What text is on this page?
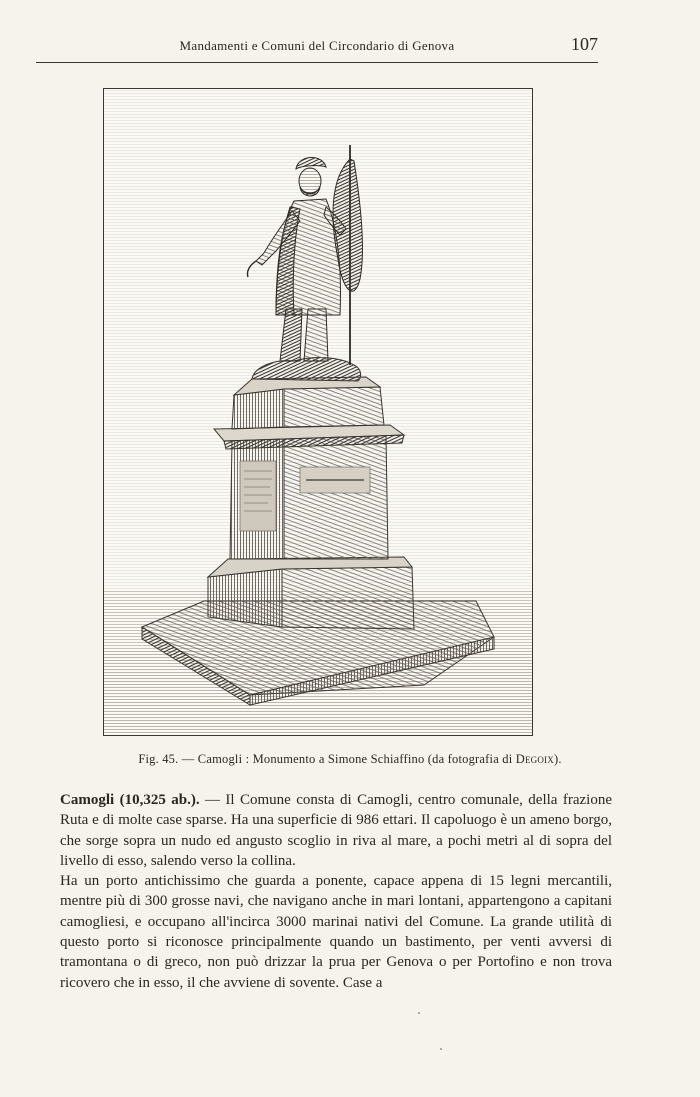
Mandamenti e Comuni del Circondario di Genova	107
Fig. 45. — Camogli : Monumento a Simone Schiaffino (da fotografia di Degoix).

Camogli (10,325 ab.). — Il Comune consta di Camogli, centro comunale, della frazione Ruta e di molte case sparse. Ha una superficie di 986 ettari. Il capoluogo è un ameno borgo, che sorge sopra un nudo ed angusto scoglio in riva al mare, a pochi metri al di sopra del livello di esso, salendo verso la collina.

Ha un porto antichissimo che guarda a ponente, capace appena di 15 legni mercantili, mentre più di 300 grosse navi, che navigano anche in mari lontani, appartengono a capitani camogliesi, e occupano all'incirca 3000 marinai nativi del Comune. La grande utilità di questo porto si riconosce principalmente quando un bastimento, per venti avversi di tramontana o di greco, non può drizzar la prua per Genova o per Portofino e non trova ricovero che in esso, il che avviene di sovente. Case a
